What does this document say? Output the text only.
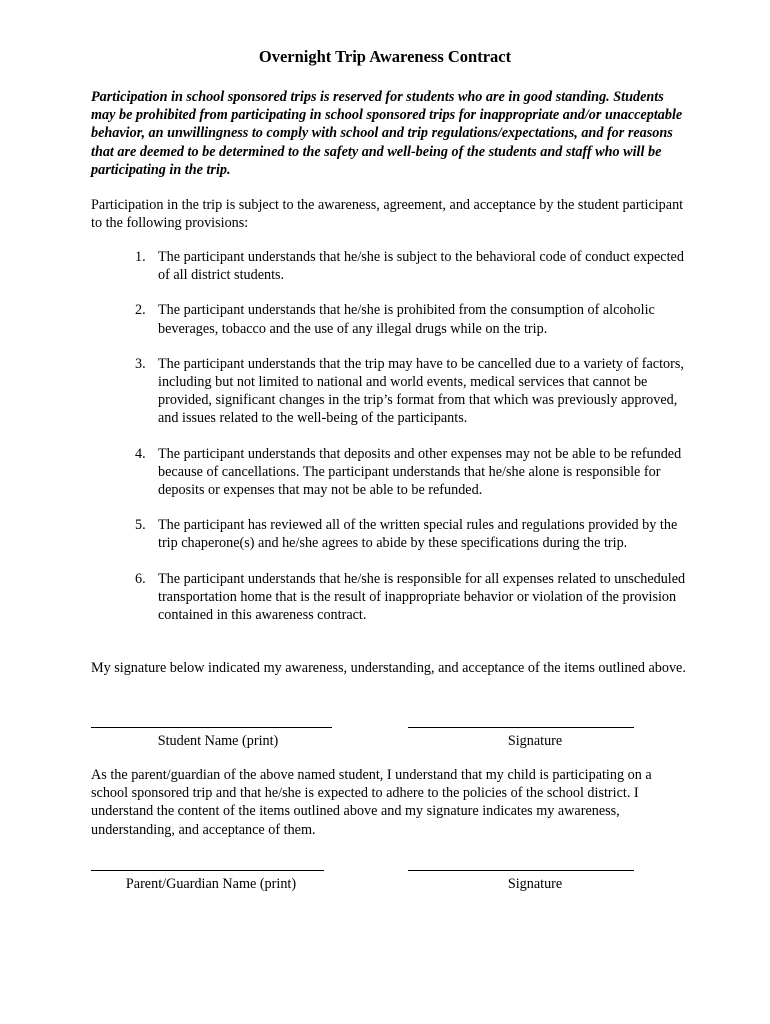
Overnight Trip Awareness Contract

Participation in school sponsored trips is reserved for students who are in good standing. Students may be prohibited from participating in school sponsored trips for inappropriate and/or unacceptable behavior, an unwillingness to comply with school and trip regulations/expectations, and for reasons that are deemed to be determined to the safety and well-being of the students and staff who will be participating in the trip.

Participation in the trip is subject to the awareness, agreement, and acceptance by the student participant to the following provisions:

1. The participant understands that he/she is subject to the behavioral code of conduct expected of all district students.
2. The participant understands that he/she is prohibited from the consumption of alcoholic beverages, tobacco and the use of any illegal drugs while on the trip.
3. The participant understands that the trip may have to be cancelled due to a variety of factors, including but not limited to national and world events, medical services that cannot be provided, significant changes in the trip’s format from that which was previously approved, and issues related to the well-being of the participants.
4. The participant understands that deposits and other expenses may not be able to be refunded because of cancellations. The participant understands that he/she alone is responsible for deposits or expenses that may not be able to be refunded.
5. The participant has reviewed all of the written special rules and regulations provided by the trip chaperone(s) and he/she agrees to abide by these specifications during the trip.
6. The participant understands that he/she is responsible for all expenses related to unscheduled transportation home that is the result of inappropriate behavior or violation of the provision contained in this awareness contract.

My signature below indicated my awareness, understanding, and acceptance of the items outlined above.

Student Name (print)	Signature

As the parent/guardian of the above named student, I understand that my child is participating on a school sponsored trip and that he/she is expected to adhere to the policies of the school district. I understand the content of the items outlined above and my signature indicates my awareness, understanding, and acceptance of them.

Parent/Guardian Name (print)	Signature
